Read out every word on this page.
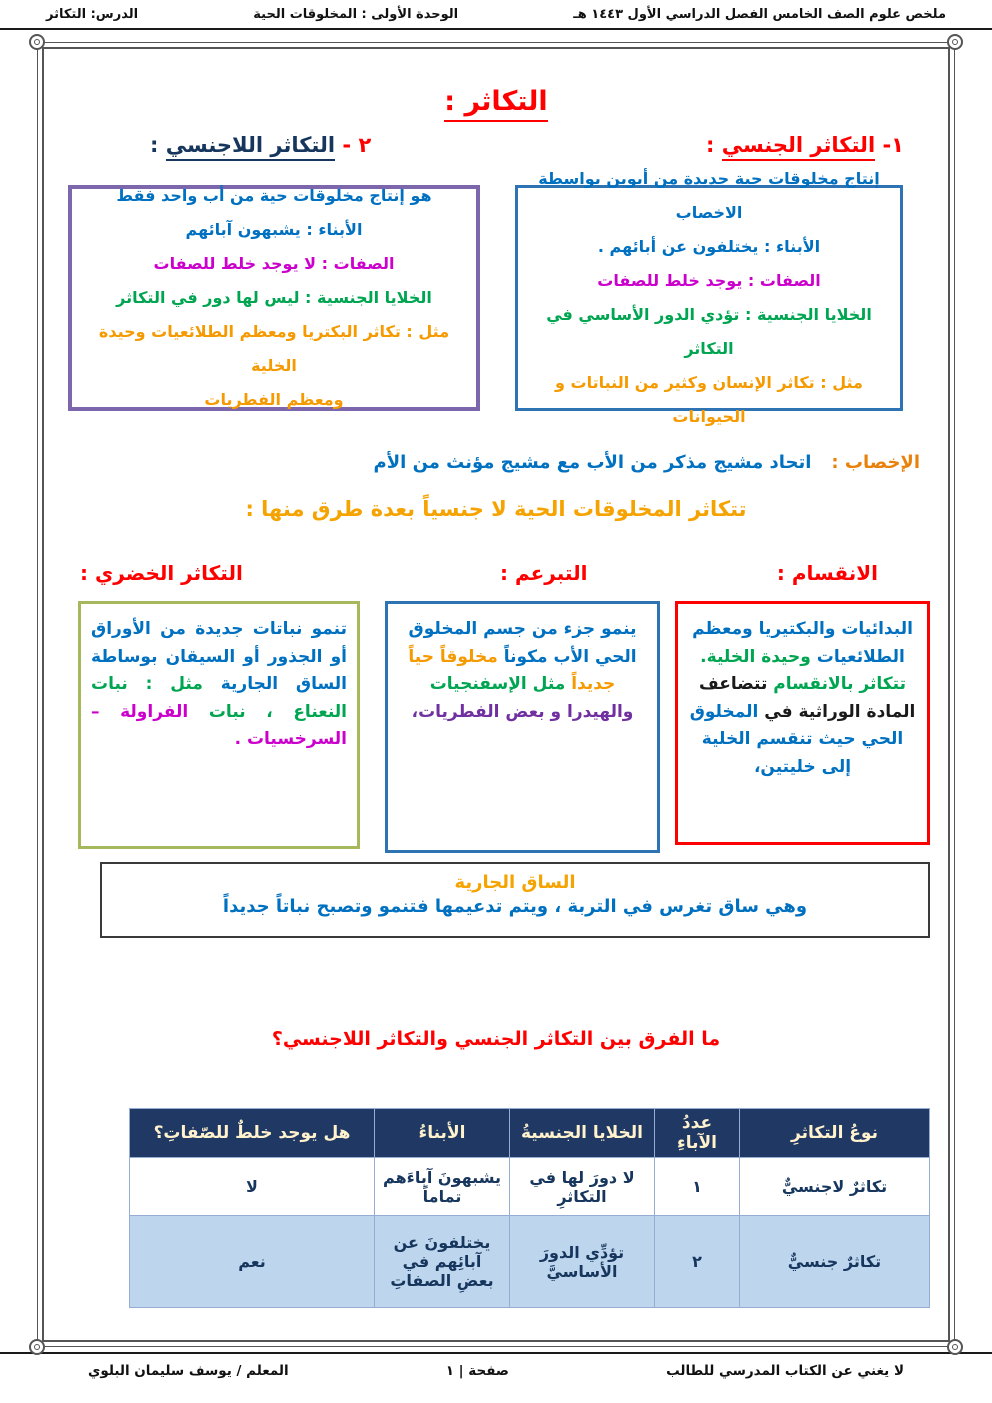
ملخص علوم الصف الخامس الفصل الدراسي الأول ١٤٤٣ هـ
الوحدة الأولى : المخلوقات الحية
الدرس: التكاثر
التكاثر :
١- التكاثر الجنسي :
٢ - التكاثر اللاجنسي :
إنتاج مخلوقات حية جديدة من أبوين بواسطة الاخصاب
الأبناء : يختلفون عن أبائهم .
الصفات : يوجد خلط للصفات
الخلايا الجنسية : تؤدي الدور الأساسي في التكاثر
مثل : تكاثر الإنسان وكثير من النباتات و الحيوانات
هو إنتاج مخلوقات حية من أب واحد فقط
الأبناء : يشبهون آبائهم
الصفات : لا يوجد خلط للصفات
الخلايا الجنسية : ليس لها دور في التكاثر
مثل : تكاثر البكتريا ومعظم الطلائعيات وحيدة الخلية
ومعظم الفطريات
الإخصاب :اتحاد مشيج مذكر من الأب مع مشيج مؤنث من الأم
تتكاثر المخلوقات الحية لا جنسياً بعدة طرق منها :
الانقسام :
التبرعم :
التكاثر الخضري :
تنمو نباتات جديدة من الأوراق أو الجذور أو السيقان بوساطة الساق الجارية مثل : نبات النعناع ، نبات الفراولة – السرخسيات .
ينمو جزء من جسم المخلوق الحي الأب مكوناً مخلوقاً حياً جديداً مثل الإسفنجيات والهيدرا و بعض الفطريات،
البدائيات والبكتيريا ومعظم الطلائعيات وحيدة الخلية. تتكاثر بالانقسام تتضاعف المادة الوراثية في المخلوق الحي حيث تنقسم الخلية إلى خليتين،
الساق الجارية
وهي ساق تغرس في التربة ، ويتم تدعيمها فتنمو وتصبح نباتاً جديداً
ما الفرق بين التكاثر الجنسي والتكاثر اللاجنسي؟
نوعُ التكاثرِ	عددُ الآباءِ	الخلايا الجنسيةُ	الأبناءُ	هل يوجد خلطٌ للصّفاتِ؟
تكاثرٌ لاجنسيٌّ	١	لا دورَ لها في التكاثرِ	يشبهونَ آباءَهم تماماً	لا
تكاثرٌ جنسيٌّ	٢	تؤدِّي الدورَ الأساسيَّ	يختلفونَ عن آبائِهم في بعضِ الصفاتِ	نعم
لا يغني عن الكتاب المدرسي للطالب
صفحة | ١
المعلم / يوسف سليمان البلوي
